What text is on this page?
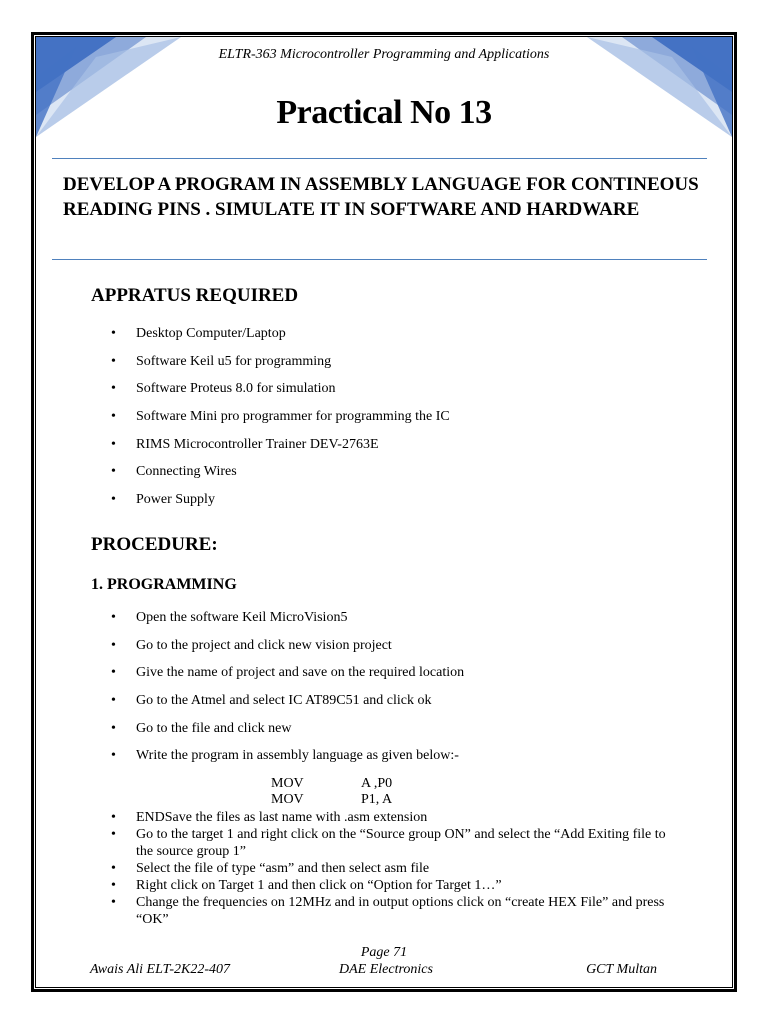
ELTR-363 Microcontroller Programming and Applications
Practical No 13
DEVELOP A PROGRAM IN ASSEMBLY LANGUAGE FOR CONTINEOUS READING PINS . SIMULATE IT IN SOFTWARE AND HARDWARE
APPRATUS REQUIRED
• Desktop Computer/Laptop
• Software Keil u5 for programming
• Software Proteus 8.0 for simulation
• Software Mini pro programmer for programming the IC
• RIMS Microcontroller Trainer DEV-2763E
• Connecting Wires
• Power Supply
PROCEDURE:
1. PROGRAMMING
• Open the software Keil MicroVision5
• Go to the project and click new vision project
• Give the name of project and save on the required location
• Go to the Atmel and select IC AT89C51 and click ok
• Go to the file and click new
• Write the program in assembly language as given below:-
MOV	A ,P0
MOV	P1, A
• ENDSave the files as last name with .asm extension
• Go to the target 1 and right click on the “Source group ON” and select the “Add Exiting file to the source group 1”
• Select the file of type “asm” and then select asm file
• Right click on Target 1 and then click on “Option for Target 1…”
• Change the frequencies on 12MHz and in output options click on “create HEX File” and press “OK”
Page 71
Awais Ali ELT-2K22-407	DAE Electronics	GCT Multan
